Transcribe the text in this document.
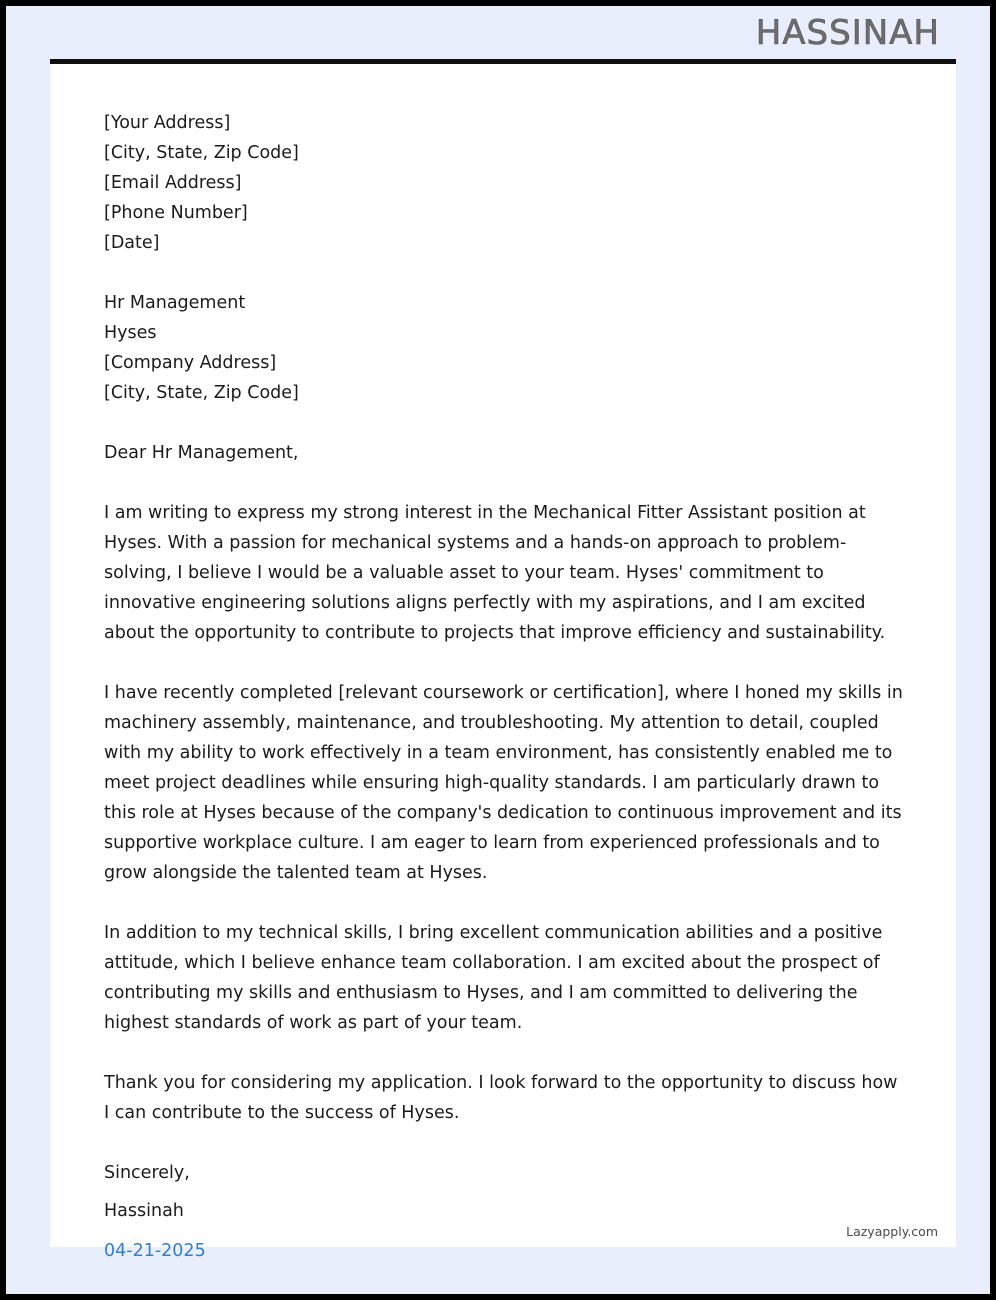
HASSINAH
[Your Address]
[City, State, Zip Code]
[Email Address]
[Phone Number]
[Date]
Hr Management
Hyses
[Company Address]
[City, State, Zip Code]
Dear Hr Management,

I am writing to express my strong interest in the Mechanical Fitter Assistant position at Hyses. With a passion for mechanical systems and a hands-on approach to problem-solving, I believe I would be a valuable asset to your team. Hyses' commitment to innovative engineering solutions aligns perfectly with my aspirations, and I am excited about the opportunity to contribute to projects that improve efficiency and sustainability.

I have recently completed [relevant coursework or certification], where I honed my skills in machinery assembly, maintenance, and troubleshooting. My attention to detail, coupled with my ability to work effectively in a team environment, has consistently enabled me to meet project deadlines while ensuring high-quality standards. I am particularly drawn to this role at Hyses because of the company's dedication to continuous improvement and its supportive workplace culture. I am eager to learn from experienced professionals and to grow alongside the talented team at Hyses.

In addition to my technical skills, I bring excellent communication abilities and a positive attitude, which I believe enhance team collaboration. I am excited about the prospect of contributing my skills and enthusiasm to Hyses, and I am committed to delivering the highest standards of work as part of your team.

Thank you for considering my application. I look forward to the opportunity to discuss how I can contribute to the success of Hyses.

Sincerely,
Hassinah
04-21-2025
Lazyapply.com
